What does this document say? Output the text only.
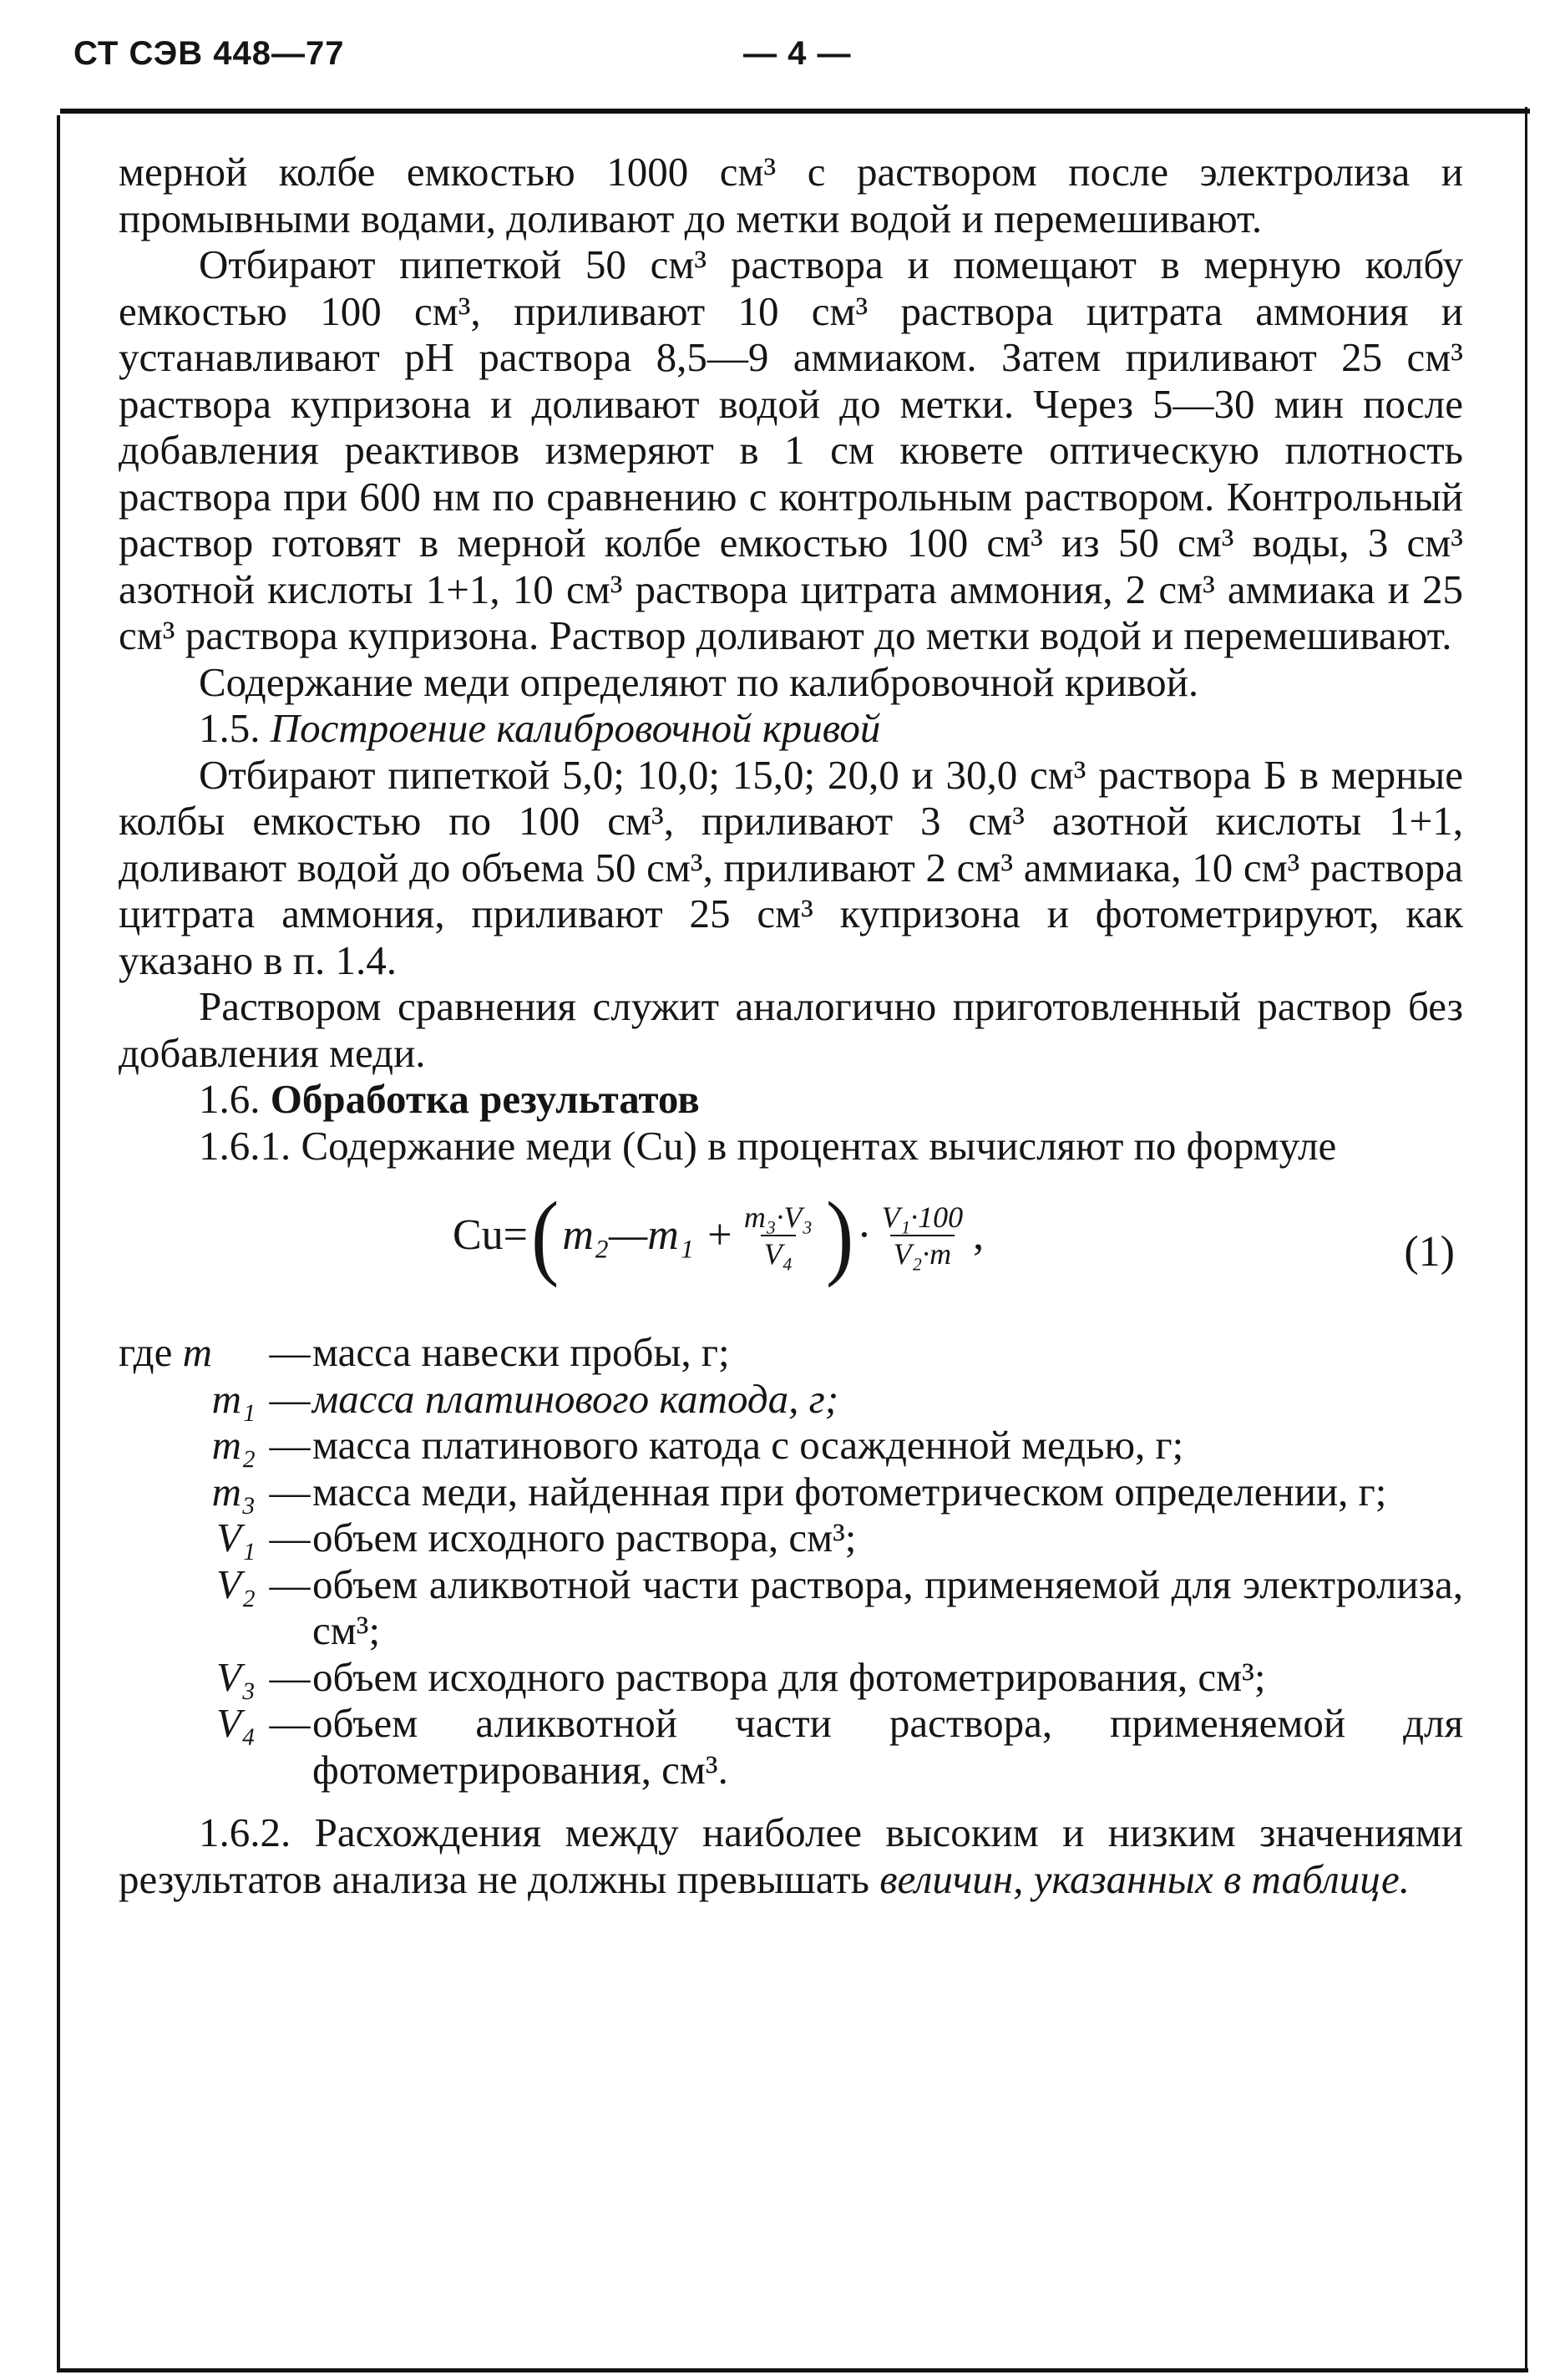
СТ СЭВ 448—77	— 4 —

мерной колбе емкостью 1000 см³ с раствором после электролиза и промывными водами, доливают до метки водой и перемешивают.

Отбирают пипеткой 50 см³ раствора и помещают в мерную колбу емкостью 100 см³, приливают 10 см³ раствора цитрата аммония и устанавливают pH раствора 8,5—9 аммиаком. Затем приливают 25 см³ раствора купризона и доливают водой до метки. Через 5—30 мин после добавления реактивов измеряют в 1 см кювете оптическую плотность раствора при 600 нм по сравнению с контрольным раствором. Контрольный раствор готовят в мерной колбе емкостью 100 см³ из 50 см³ воды, 3 см³ азотной кислоты 1+1, 10 см³ раствора цитрата аммония, 2 см³ аммиака и 25 см³ раствора купризона. Раствор доливают до метки водой и перемешивают.

Содержание меди определяют по калибровочной кривой.

1.5. Построение калибровочной кривой

Отбирают пипеткой 5,0; 10,0; 15,0; 20,0 и 30,0 см³ раствора Б в мерные колбы емкостью по 100 см³, приливают 3 см³ азотной кислоты 1+1, доливают водой до объема 50 см³, приливают 2 см³ аммиака, 10 см³ раствора цитрата аммония, приливают 25 см³ купризона и фотометрируют, как указано в п. 1.4.

Раствором сравнения служит аналогично приготовленный раствор без добавления меди.

1.6. Обработка результатов

1.6.1. Содержание меди (Cu) в процентах вычисляют по формуле

Cu= ( m₂—m₁ + $\frac{\text{m₃·V₃}}{\text{V₄}}$ ) · $\frac{\text{V₁·100}}{\text{V₂·m}}$ ,	(1)
где m	— масса навески пробы, г;
m₁ — масса платинового катода, г;
m₂ — масса платинового катода с осажденной медью, г;
m₃ — масса меди, найденная при фотометрическом определении, г;
V₁ — объем исходного раствора, см³;
V₂ — объем аликвотной части раствора, применяемой для электролиза, см³;
V₃ — объем исходного раствора для фотометрирования, см³;
V₄ — объем аликвотной части раствора, применяемой для фотометрирования, см³.

1.6.2. Расхождения между наиболее высоким и низким значениями результатов анализа не должны превышать величин, указанных в таблице.
